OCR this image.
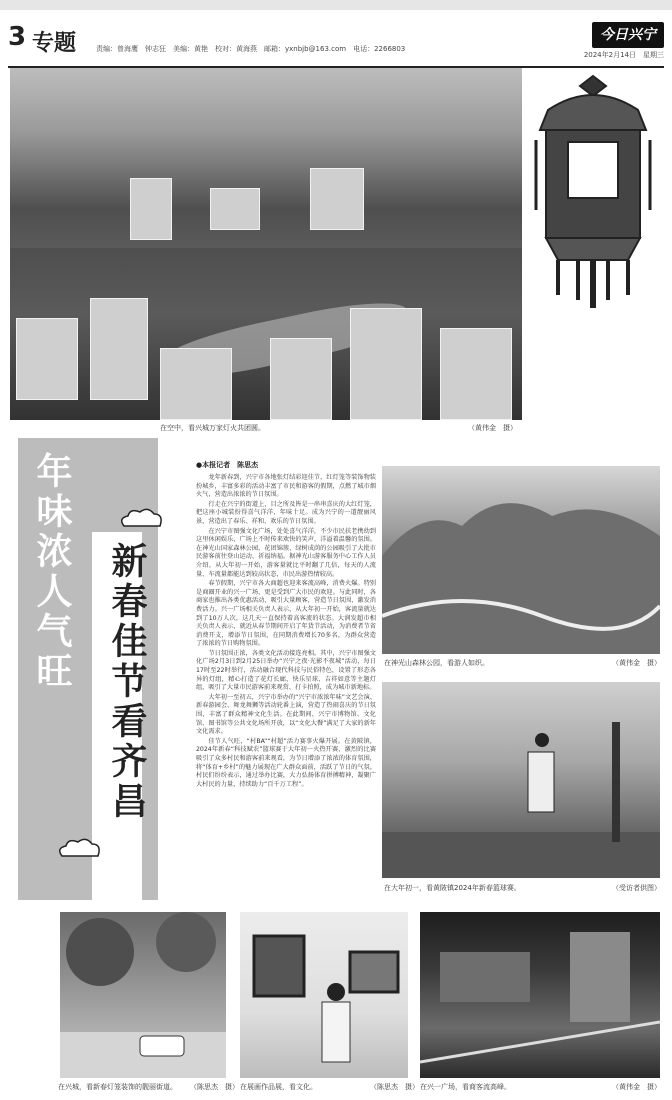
3 专题	责编：曾海鹰　钟志狂　美编：黄艳　校对：黄海燕　邮箱：yxnbjb@163.com　电话：2266803
今日兴宁
2024年2月14日　星期三
在空中，看兴城万家灯火共团圆。	（黄伟金　摄）
喜
年味浓人气旺 新春佳节看齐昌
●本报记者　陈思杰

龙年新春到，兴宁市各地张灯结彩迎佳节，红灯笼等装饰物装扮城乡，丰富多彩的活动丰富了市民和游客的假期，点燃了城市烟火气，营造出浓浓的节日氛围。

行走在兴宁的街道上，目之所及皆是一串串喜庆的大红灯笼，把这座小城装扮得喜气洋洋，年味十足。成为兴宁的一道靓丽风景，营造出了春乐、祥和、欢乐的节日氛围。

在兴宁市图强文化广场，处处喜气洋洋，不少市民扶老携幼到这里休闲娱乐，广场上不时传来欢快的笑声，洋溢着温馨的氛围。在神光山国家森林公园，花团锦簇、绿树成荫的公园吸引了大批市民游客前往登山运动、祈福纳福。据神光山游客服务中心工作人员介绍，从大年初一开始，游客量就比平时翻了几倍，每天的人流量、车流量都能达到较高状态，市民出游热情较高。

春节假期，兴宁市各大商超也迎来客流高峰，消费火爆。特别是商圈开业的兴一广场，更是受到广大市民的欢迎。与此同时，各商家也推出各类优惠活动，吸引大量顾客，营造节日氛围，激发消费活力。兴一广场相关负责人表示，从大年初一开始，客流量就达到了10万人次，这几天一直保持着高客流的状态。大润发超市相关负责人表示，就近从春节期间开启了年货节活动，为消费者节省消费开支，增添节日氛围，在同期消费增长70多名，为群众营造了浓浓的节日购物氛围。

节日氛围正浓，各类文化活动接连亮相。其中，兴宁市图强文化广场2月3日到2月25日举办“兴宁之夜·光影不夜城”活动，每日17时至22时举行，活动融合现代科技与民俗特色，设置了形态各异的灯组，精心打造了花灯长廊、快乐星球、吉祥如意等主题灯组，吸引了大量市民游客前来观赏、打卡拍照，成为城市新地标。

大年初一至初五，兴宁市举办的“兴宁市浓浓年味”文艺会演、新春游园会、舞龙舞狮等活动轮番上演，营造了热闹喜庆的节日氛围，丰富了群众精神文化生活。在此期间，兴宁市博物馆、文化馆、图书馆等公共文化场所开放，以“文化大餐”满足了大家的新年文化需求。

佳节人气旺，“村BA”“村超”活力赛事火爆开展。在黄陂镇，2024年新春“科技赋农”篮球赛于大年初一火热开赛，激烈的比赛吸引了众多村民和游客前来观看，为节日增添了浓浓的体育氛围，将“体育+乡村”的魅力展现在广大群众面前，活跃了节日的气氛。村民们纷纷表示，通过举办比赛，大力弘扬体育拼搏精神，凝聚广大村民的力量，持续助力“百千万工程”。

在神光山森林公园，看游人如织。	（黄伟金　摄）
在大年初一，看黄陂镇2024年新春篮球赛。	（受访者供图）
在兴城，看新春灯笼装饰的靓丽街道。 （陈思杰　摄） 在展画作品展，看文化。	（陈思杰　摄） 在兴一广场，看商客流高峰。	（黄伟金　摄）
